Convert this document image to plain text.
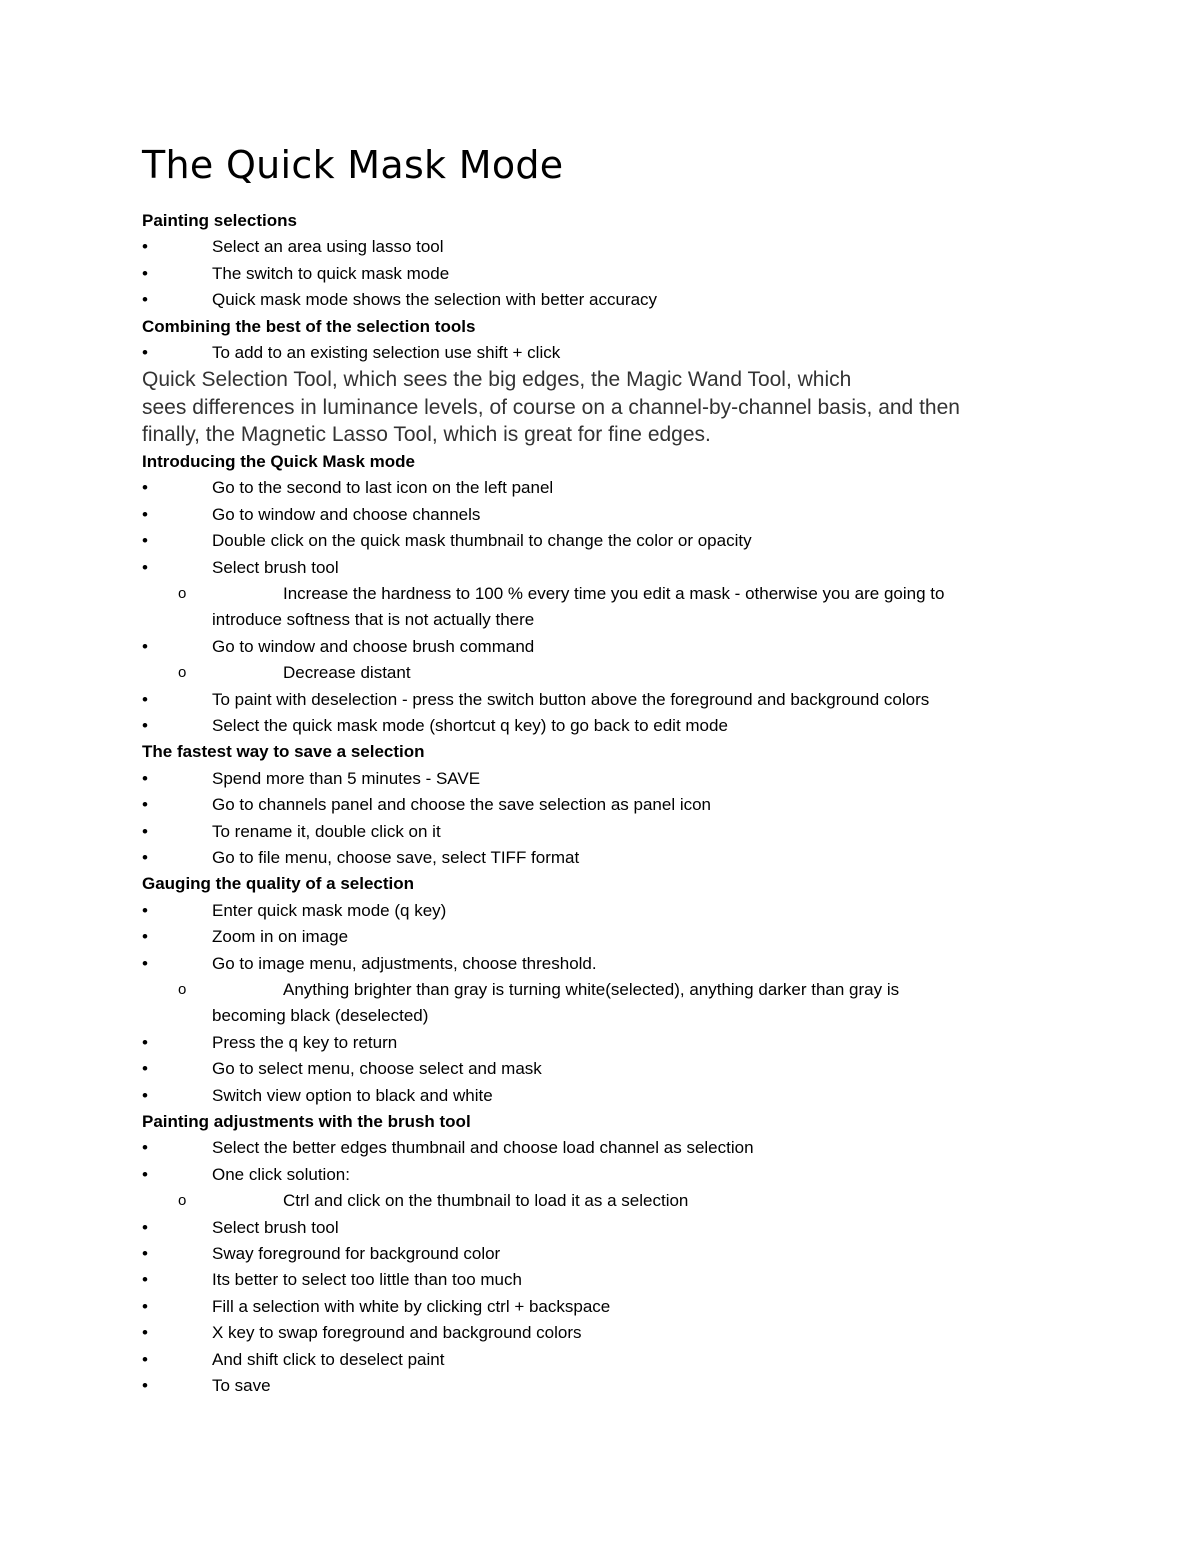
The Quick Mask Mode
Painting selections
•	Select an area using lasso tool
•	The switch to quick mask mode
•	Quick mask mode shows the selection with better accuracy
Combining the best of the selection tools
•	To add to an existing selection use shift + click

Quick Selection Tool, which sees the big edges, the Magic Wand Tool, which
sees differences in luminance levels, of course on a channel-by-channel basis, and then
finally, the Magnetic Lasso Tool, which is great for fine edges.

Introducing the Quick Mask mode
•	Go to the second to last icon on the left panel
•	Go to window and choose channels
•	Double click on the quick mask thumbnail to change the color or opacity
•	Select brush tool
o	Increase the hardness to 100 % every time you edit a mask - otherwise you are going to
introduce softness that is not actually there
•	Go to window and choose brush command
o	Decrease distant
•	To paint with deselection - press the switch button above the foreground and background colors
•	Select the quick mask mode (shortcut q key) to go back to edit mode
The fastest way to save a selection
•	Spend more than 5 minutes - SAVE
•	Go to channels panel and choose the save selection as panel icon
•	To rename it, double click on it
•	Go to file menu, choose save, select TIFF format
Gauging the quality of a selection
•	Enter quick mask mode (q key)
•	Zoom in on image
•	Go to image menu, adjustments, choose threshold.
o	Anything brighter than gray is turning white(selected), anything darker than gray is
becoming black (deselected)
•	Press the q key to return
•	Go to select menu, choose select and mask
•	Switch view option to black and white
Painting adjustments with the brush tool
•	Select the better edges thumbnail and choose load channel as selection
•	One click solution:
o	Ctrl and click on the thumbnail to load it as a selection
•	Select brush tool
•	Sway foreground for background color
•	Its better to select too little than too much
•	Fill a selection with white by clicking ctrl + backspace
•	X key to swap foreground and background colors
•	And shift click to deselect paint
•	To save
